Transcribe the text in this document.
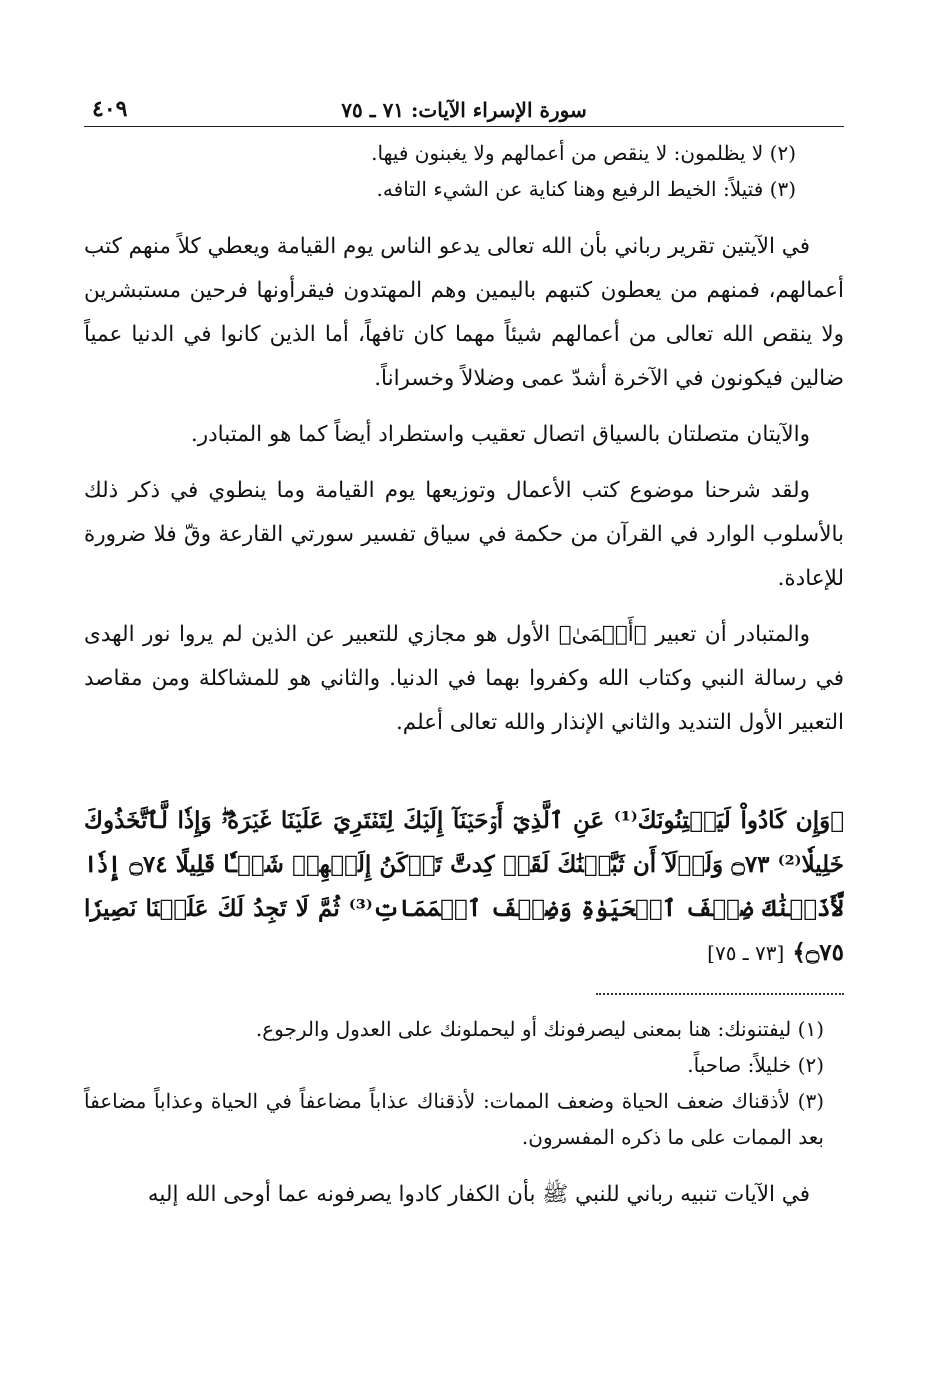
سورة الإسراء الآيات: ٧١ ـ ٧٥
٤٠٩

(٢) لا يظلمون: لا ينقص من أعمالهم ولا يغبنون فيها.

(٣) فتيلاً: الخيط الرفيع وهنا كناية عن الشيء التافه.

في الآيتين تقرير رباني بأن الله تعالى يدعو الناس يوم القيامة ويعطي كلاً منهم كتب أعمالهم، فمنهم من يعطون كتبهم باليمين وهم المهتدون فيقرأونها فرحين مستبشرين ولا ينقص الله تعالى من أعمالهم شيئاً مهما كان تافهاً، أما الذين كانوا في الدنيا عمياً ضالين فيكونون في الآخرة أشدّ عمى وضلالاً وخسراناً.

والآيتان متصلتان بالسياق اتصال تعقيب واستطراد أيضاً كما هو المتبادر.

ولقد شرحنا موضوع كتب الأعمال وتوزيعها يوم القيامة وما ينطوي في ذكر ذلك بالأسلوب الوارد في القرآن من حكمة في سياق تفسير سورتي القارعة وقّ فلا ضرورة للإعادة.

والمتبادر أن تعبير ﴿أَعۡمَىٰ﴾ الأول هو مجازي للتعبير عن الذين لم يروا نور الهدى في رسالة النبي وكتاب الله وكفروا بهما في الدنيا. والثاني هو للمشاكلة ومن مقاصد التعبير الأول التنديد والثاني الإنذار والله تعالى أعلم.

﴿وَإِن كَادُواْ لَيَفۡتِنُونَكَ⁽¹⁾ عَنِ ٱلَّذِيٓ أَوۡحَيۡنَآ إِلَيۡكَ لِتَفۡتَرِيَ عَلَيۡنَا غَيۡرَهُۥۖ وَإِذٗا لَّٱتَّخَذُوكَ خَلِيلٗا⁽²⁾ ۝٧٣ وَلَوۡلَآ أَن ثَبَّتۡنَٰكَ لَقَدۡ كِدتَّ تَرۡكَنُ إِلَيۡهِمۡ شَيۡـٔٗا قَلِيلًا ۝٧٤ إِذٗا لَّأَذَقۡنَٰكَ ضِعۡفَ ٱلۡحَيَوٰةِ وَضِعۡفَ ٱلۡمَمَاتِ⁽³⁾ ثُمَّ لَا تَجِدُ لَكَ عَلَيۡنَا نَصِيرٗا ۝٧٥﴾[٧٣ ـ ٧٥]

(١) ليفتنونك: هنا بمعنى ليصرفونك أو ليحملونك على العدول والرجوع.

(٢) خليلاً: صاحباً.

(٣) لأذقناك ضعف الحياة وضعف الممات: لأذقناك عذاباً مضاعفاً في الحياة وعذاباً مضاعفاً بعد الممات على ما ذكره المفسرون.

في الآيات تنبيه رباني للنبي ﷺ بأن الكفار كادوا يصرفونه عما أوحى الله إليه
